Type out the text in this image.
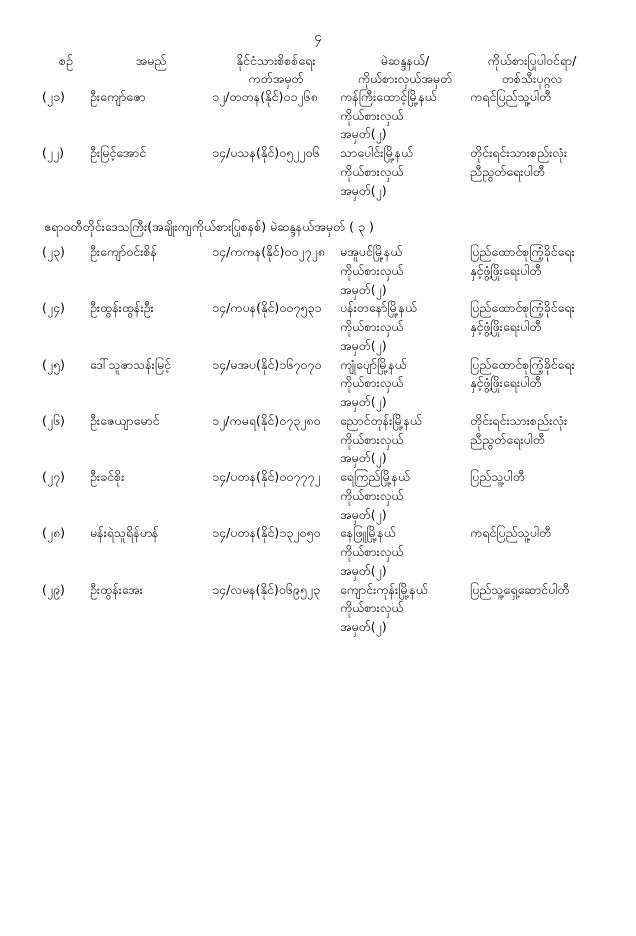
၄
စဉ်	အမည်	နိုင်ငံသားစိစစ်ရေး
ကတ်အမှတ်	မဲဆန္ဒနယ်/
ကိုယ်စားလှယ်အမှတ်	ကိုယ်စားပြုပါဝင်ရာ/
တစ်သီးပုဂ္ဂလ

(၂၁)	ဦးကျော်ဇော	၁၂/တတန(နိုင်)၀၁၂၆၈	ကန်ကြီးထောင့်မြို့နယ်
ကိုယ်စားလှယ်
အမှတ်(၂)	ကရင်ပြည်သူ့ပါတီ
(၂၂)	ဦးမြင့်အောင်	၁၄/ပသန(နိုင်)၀၅၂၂၀၆	သာပေါင်းမြို့နယ်
ကိုယ်စားလှယ်
အမှတ်(၂)	တိုင်းရင်းသားစည်းလုံး
ညီညွတ်ရေးပါတီ

ဧရာဝတီတိုင်းဒေသကြီး(အချိုးကျကိုယ်စားပြုစနစ်) မဲဆန္ဒနယ်အမှတ် ( ၃ )				

(၂၃)	ဦးကျော်ဝင်းစိန်	၁၄/ကကန(နိုင်)၀၀၂၇၂၈	မအူပင်မြို့နယ်
ကိုယ်စားလှယ်
အမှတ်(၂)	ပြည်ထောင်စုကြံ့ခိုင်ရေး
နှင့်ဖွံ့ဖြိုးရေးပါတီ

(၂၄)	ဦးထွန်းထွန်းဦး	၁၄/ကပန(နိုင်)၀၀၇၅၃၁	ပန်းတနော်မြို့နယ်
ကိုယ်စားလှယ်
အမှတ်(၂)	ပြည်ထောင်စုကြံ့ခိုင်ရေး
နှင့်ဖွံ့ဖြိုးရေးပါတီ

(၂၅)	ဒေါ်သူဇာသန်းမြင့်	၁၄/မအပ(နိုင်)၁၆၇၀၇၀	ကျုံပျော်မြို့နယ်
ကိုယ်စားလှယ်
အမှတ်(၂)	ပြည်ထောင်စုကြံ့ခိုင်ရေး
နှင့်ဖွံ့ဖြိုးရေးပါတီ

(၂၆)	ဦးဇေယျာမောင်	၁၂/ကမရ(နိုင်)၀၇၃၂၈၀	ညောင်တုန်းမြို့နယ်
ကိုယ်စားလှယ်
အမှတ်(၂)	တိုင်းရင်းသားစည်းလုံး
ညီညွတ်ရေးပါတီ

(၂၇)	ဦးခင်စိုး	၁၄/ပတန(နိုင်)၀၀၇၇၇၂	ရေကြည်မြို့နယ်
ကိုယ်စားလှယ်
အမှတ်(၂)	ပြည်သူ့ပါတီ
(၂၈)	မန်းရဲသူရိန်ဟန်	၁၄/ပတန(နိုင်)၁၃၂၀၅၀	နေဖြူမြို့နယ်
ကိုယ်စားလှယ်
အမှတ်(၂)	ကရင်ပြည်သူ့ပါတီ
(၂၉)	ဦးထွန်းအေး	၁၄/လမန(နိုင်)၀၆၉၅၂၃	ကျောင်းကုန်းမြို့နယ်
ကိုယ်စားလှယ်
အမှတ်(၂)	ပြည်သူ့ရှေ့ဆောင်ပါတီ
